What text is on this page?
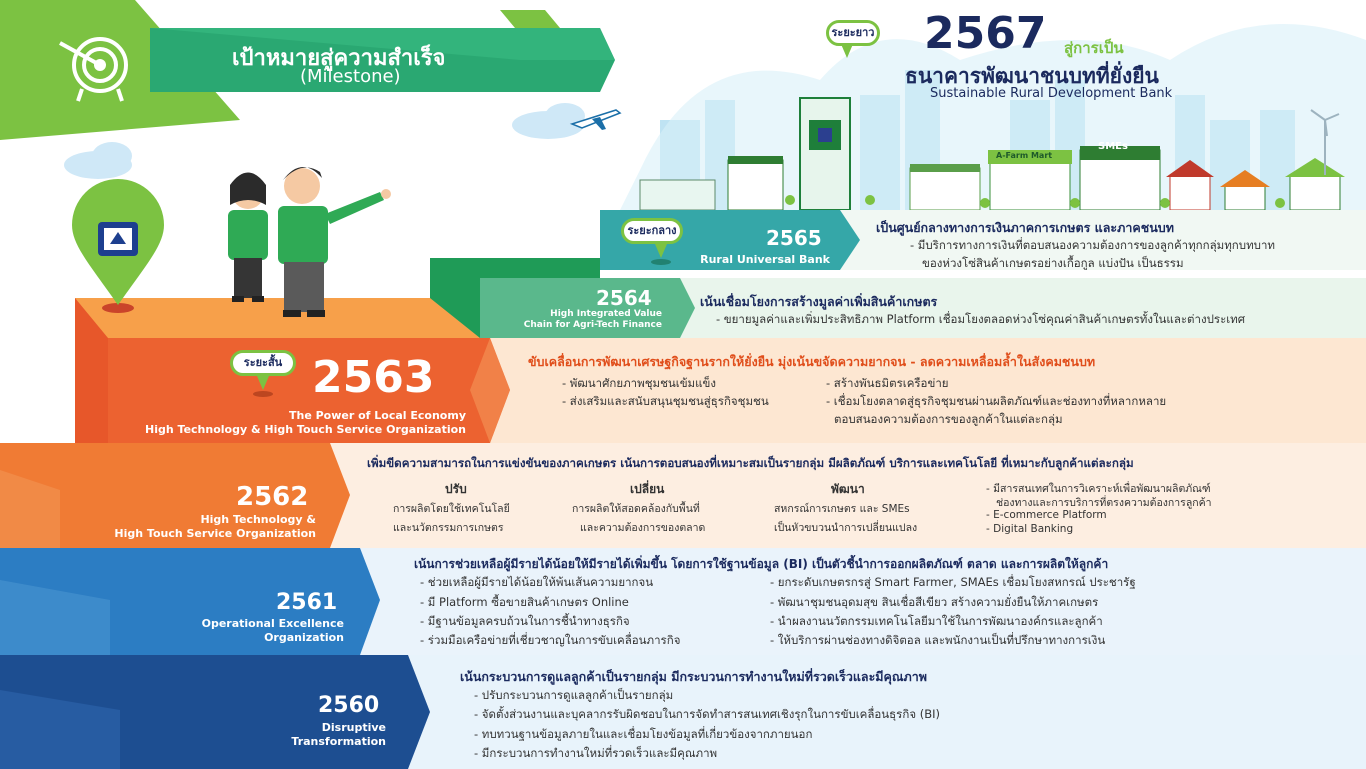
เป้าหมายสู่ความสำเร็จ
(Milestone)
ระยะยาว 2567 สู่การเป็น
ธนาคารพัฒนาชนบทที่ยั่งยืน
Sustainable Rural Development Bank
SMEs
A-Farm Mart
ระยะกลาง	2565
Rural Universal Bank
เป็นศูนย์กลางทางการเงินภาคการเกษตร และภาคชนบท
- มีบริการทางการเงินที่ตอบสนองความต้องการของลูกค้าทุกกลุ่มทุกบทบาท
ของห่วงโซ่สินค้าเกษตรอย่างเกื้อกูล แบ่งปัน เป็นธรรม
2564
High Integrated Value
Chain for Agri-Tech Finance
เน้นเชื่อมโยงการสร้างมูลค่าเพิ่มสินค้าเกษตร
- ขยายมูลค่าและเพิ่มประสิทธิภาพ Platform เชื่อมโยงตลอดห่วงโซ่คุณค่าสินค้าเกษตรทั้งในและต่างประเทศ
ระยะสั้น 2563
The Power of Local Economy
High Technology & High Touch Service Organization
ขับเคลื่อนการพัฒนาเศรษฐกิจฐานรากให้ยั่งยืน มุ่งเน้นขจัดความยากจน - ลดความเหลื่อมล้ำในสังคมชนบท
- พัฒนาศักยภาพชุมชนเข้มแข็ง
- ส่งเสริมและสนับสนุนชุมชนสู่ธุรกิจชุมชน
- สร้างพันธมิตรเครือข่าย
- เชื่อมโยงตลาดสู่ธุรกิจชุมชนผ่านผลิตภัณฑ์และช่องทางที่หลากหลาย
ตอบสนองความต้องการของลูกค้าในแต่ละกลุ่ม
2562
High Technology &
High Touch Service Organization
เพิ่มขีดความสามารถในการแข่งขันของภาคเกษตร เน้นการตอบสนองที่เหมาะสมเป็นรายกลุ่ม มีผลิตภัณฑ์ บริการและเทคโนโลยี ที่เหมาะกับลูกค้าแต่ละกลุ่ม
ปรับ
การผลิตโดยใช้เทคโนโลยี
และนวัตกรรมการเกษตร
เปลี่ยน
การผลิตให้สอดคล้องกับพื้นที่
และความต้องการของตลาด
พัฒนา
สหกรณ์การเกษตร และ SMEs
เป็นหัวขบวนนำการเปลี่ยนแปลง
- มีสารสนเทศในการวิเคราะห์เพื่อพัฒนาผลิตภัณฑ์
ช่องทางและการบริการที่ตรงความต้องการลูกค้า
- E-commerce Platform
- Digital Banking
2561
Operational Excellence
Organization
เน้นการช่วยเหลือผู้มีรายได้น้อยให้มีรายได้เพิ่มขึ้น โดยการใช้ฐานข้อมูล (BI) เป็นตัวชี้นำการออกผลิตภัณฑ์ ตลาด และการผลิตให้ลูกค้า
- ช่วยเหลือผู้มีรายได้น้อยให้พ้นเส้นความยากจน
- มี Platform ซื้อขายสินค้าเกษตร Online
- มีฐานข้อมูลครบถ้วนในการชี้นำทางธุรกิจ
- ร่วมมือเครือข่ายที่เชี่ยวชาญในการขับเคลื่อนภารกิจ
- ยกระดับเกษตรกรสู่ Smart Farmer, SMAEs เชื่อมโยงสหกรณ์ ประชารัฐ
- พัฒนาชุมชนอุดมสุข สินเชื่อสีเขียว สร้างความยั่งยืนให้ภาคเกษตร
- นำผลงานนวัตกรรมเทคโนโลยีมาใช้ในการพัฒนาองค์กรและลูกค้า
- ให้บริการผ่านช่องทางดิจิตอล และพนักงานเป็นที่ปรึกษาทางการเงิน
2560
Disruptive
Transformation
เน้นกระบวนการดูแลลูกค้าเป็นรายกลุ่ม มีกระบวนการทำงานใหม่ที่รวดเร็วและมีคุณภาพ
- ปรับกระบวนการดูแลลูกค้าเป็นรายกลุ่ม
- จัดตั้งส่วนงานและบุคลากรรับผิดชอบในการจัดทำสารสนเทศเชิงรุกในการขับเคลื่อนธุรกิจ (BI)
- ทบทวนฐานข้อมูลภายในและเชื่อมโยงข้อมูลที่เกี่ยวข้องจากภายนอก
- มีกระบวนการทำงานใหม่ที่รวดเร็วและมีคุณภาพ
